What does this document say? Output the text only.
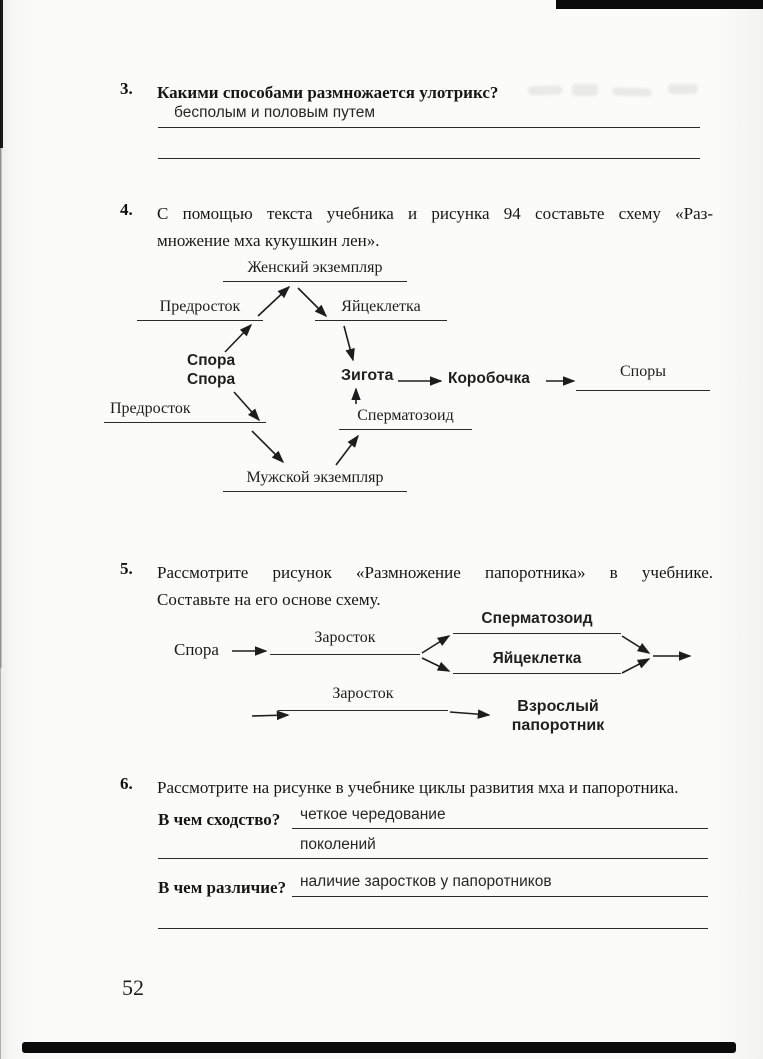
3. Какими способами размножается улотрикс?
бесполым и половым путем
4. С помощью текста учебника и рисунка 94 составьте схему «Раз-
множение мха кукушкин лен».
Женский экземпляр
Предросток	Яйцеклетка
Спора
Спора
Предросток
Зигота	Коробочка	Споры
Сперматозоид
Мужской экземпляр
5. Рассмотрите рисунок «Размножение папоротника» в учебнике.
Составьте на его основе схему.
Спора
Заросток
Сперматозоид
Яйцеклетка
Заросток
Взрослый
папоротник
6. Рассмотрите на рисунке в учебнике циклы развития мха и папоротника.
В чем сходство? четкое чередование
поколений
В чем различие? наличие заростков у папоротников
52
